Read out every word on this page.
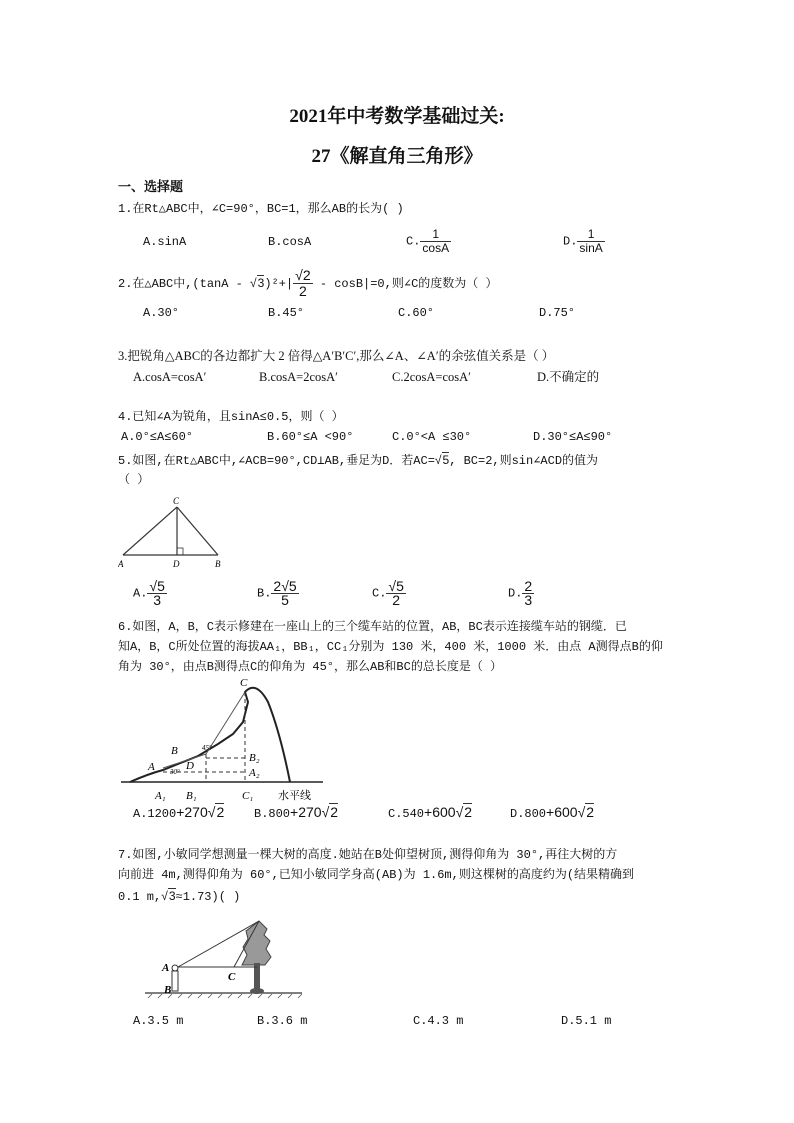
2021年中考数学基础过关:
27《解直角三角形》
一、选择题
1.在Rt△ABC中，∠C=90°，BC=1，那么AB的长为( )
A.sinA	B.cosA	C. $\frac{1}{\cos A}$	D. $\frac{1}{\sin A}$
2.在△ABC中$,(\tan A - √3)^2+| \frac{√2}{2} - \cos B|=0$,则∠C的度数为（ ）
A.30°	B.45°	C.60°	D.75°
3.把锐角△ABC的各边都扩大 2 倍得△A′B′C′,那么∠A、∠A′的余弦值关系是（ ）
A.cosA=cosA′	B.cosA=2cosA′	C.2cosA=cosA′	D.不确定的
4.已知∠A为锐角，且sinA≤0.5，则（ ）
A.0°≤A≤60°	B.60°≤A <90°	C.0°<A ≤30°	D.30°≤A≤90°
5.如图,在Rt△ABC中,∠ACB=90°,CD⊥AB,垂足为D．若AC=√5, BC=2,则sin∠ACD的值为
（ ）
C
A	D	B
A. $\frac{√5}{3}$	B. $\frac{2√5}{5}$	C. $\frac{√5}{2}$	D. $\frac{2}{3}$
6.如图，A，B，C表示修建在一座山上的三个缆车站的位置，AB，BC表示连接缆车站的钢缆．已
知A，B，C所处位置的海拔AA₁，BB₁，CC₁分别为 130 米，400 米，1000 米．由点 A测得点B的仰
角为 30°，由点B测得点C的仰角为 45°，那么AB和BC的总长度是（ ）
C
B	45°
A 30° D
B₂
A₂
A₁ B₁	C₁ 水平线
A.1200+270√2 B.800+270√2	C.540+600√2	D.800+600√2
7.如图,小敏同学想测量一棵大树的高度.她站在B处仰望树顶,测得仰角为 30°,再往大树的方
向前进 4m,测得仰角为 60°,已知小敏同学身高(AB)为 1.6m,则这棵树的高度约为(结果精确到
0.1 m,√3≈1.73)( )
A
B
C
A.3.5 m	B.3.6 m	C.4.3 m	D.5.1 m
